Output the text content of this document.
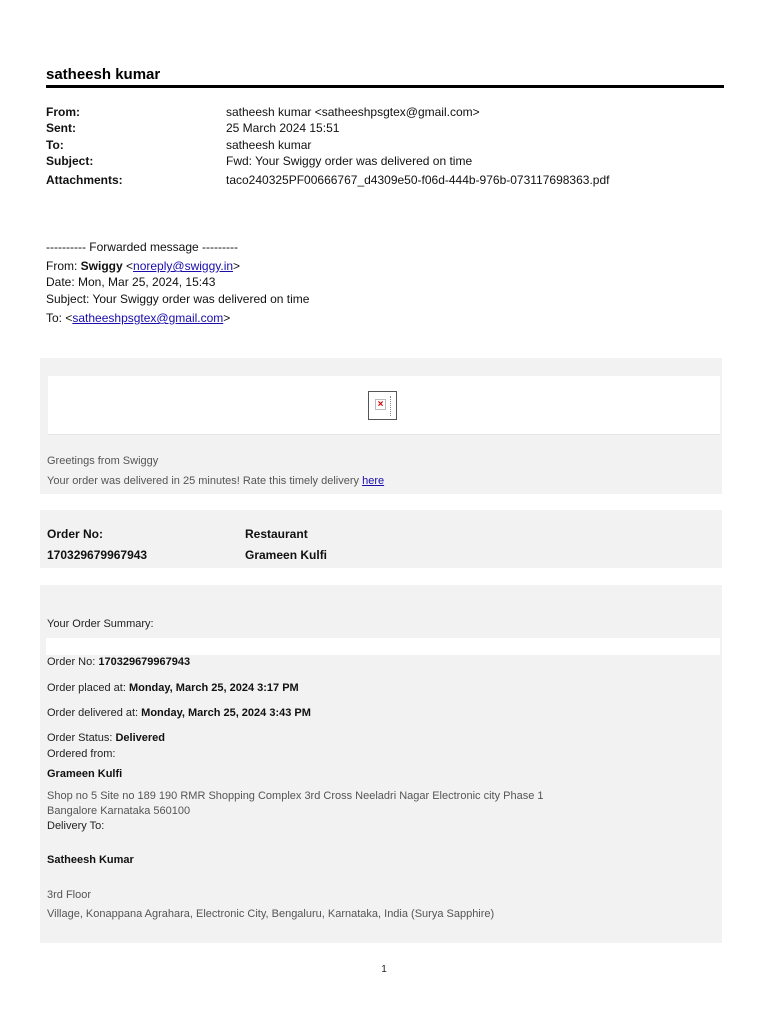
satheesh kumar
From:	satheesh kumar <satheeshpsgtex@gmail.com>
Sent:	25 March 2024 15:51
To:	satheesh kumar
Subject:	Fwd: Your Swiggy order was delivered on time
Attachments:	taco240325PF00666767_d4309e50-f06d-444b-976b-073117698363.pdf
---------- Forwarded message ---------
From: Swiggy <noreply@swiggy.in>
Date: Mon, Mar 25, 2024, 15:43
Subject: Your Swiggy order was delivered on time
To: <satheeshpsgtex@gmail.com>
×
Greetings from Swiggy
Your order was delivered in 25 minutes! Rate this timely delivery here
Order No:	Restaurant
170329679967943	Grameen Kulfi
Your Order Summary:
Order No: 170329679967943
Order placed at: Monday, March 25, 2024 3:17 PM
Order delivered at: Monday, March 25, 2024 3:43 PM
Order Status: Delivered
Ordered from:
Grameen Kulfi
Shop no 5 Site no 189 190 RMR Shopping Complex 3rd Cross Neeladri Nagar Electronic city Phase 1
Bangalore Karnataka 560100
Delivery To:
Satheesh Kumar
3rd Floor
Village, Konappana Agrahara, Electronic City, Bengaluru, Karnataka, India (Surya Sapphire)
1
